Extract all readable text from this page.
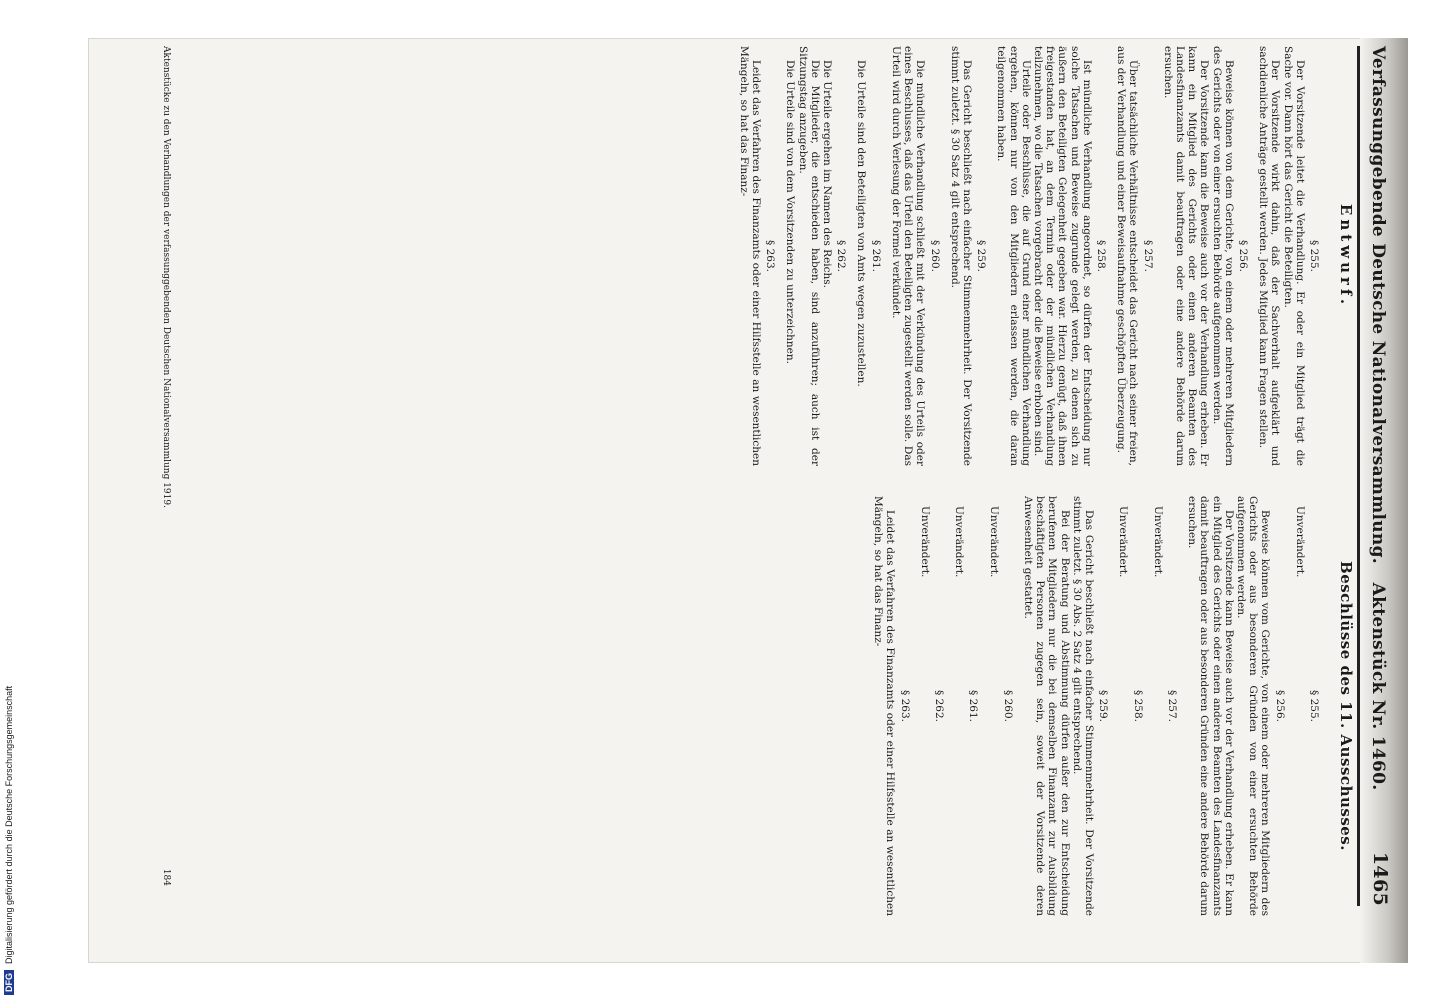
Verfassunggebende Deutsche Nationalversammlung.   Aktenstück Nr. 1460.
1465
Entwurf.
§ 255.

Der Vorsitzende leitet die Verhandlung. Er oder ein Mitglied trägt die Sache vor. Dann hört das Gericht die Beteiligten.

Der Vorsitzende wirkt dahin, daß der Sachverhalt aufgeklärt und sachdienliche Anträge gestellt werden. Jedes Mitglied kann Fragen stellen.

§ 256.

Beweise können von dem Gerichte, von einem oder mehreren Mitgliedern des Gerichts oder von einer ersuchten Behörde aufgenommen werden.

Der Vorsitzende kann die Beweise auch vor der Verhandlung erheben. Er kann ein Mitglied des Gerichts oder einen anderen Beamten des Landesfinanzamts damit beauftragen oder eine andere Behörde darum ersuchen.

§ 257.

Über tatsächliche Verhältnisse entscheidet das Gericht nach seiner freien, aus der Verhandlung und einer Beweisaufnahme geschöpften Überzeugung.

§ 258.

Ist mündliche Verhandlung angeordnet, so dürfen der Entscheidung nur solche Tatsachen und Beweise zugrunde gelegt werden, zu denen sich zu äußern den Beteiligten Gelegenheit gegeben war. Hierzu genügt, daß ihnen freigestanden hat, an dem Termin oder der mündlichen Verhandlung teilzunehmen, wo die Tatsachen vorgebracht oder die Beweise erhoben sind.

Urteile oder Beschlüsse, die auf Grund einer mündlichen Verhandlung ergehen, können nur von den Mitgliedern erlassen werden, die daran teilgenommen haben.

§ 259.

Das Gericht beschließt nach einfacher Stimmenmehrheit. Der Vorsitzende stimmt zuletzt. § 30 Satz 4 gilt entsprechend.

§ 260.

Die mündliche Verhandlung schließt mit der Verkündung des Urteils oder eines Beschlusses, daß das Urteil den Beteiligten zugestellt werden solle. Das Urteil wird durch Verlesung der Formel verkündet.

§ 261.

Die Urteile sind den Beteiligten von Amts wegen zuzustellen.

§ 262.

Die Urteile ergehen im Namen des Reichs.

Die Mitglieder, die entschieden haben, sind anzuführen; auch ist der Sitzungstag anzugeben.

Die Urteile sind von dem Vorsitzenden zu unterzeichnen.

§ 263.

Leidet das Verfahren des Finanzamts oder einer Hilfsstelle an wesentlichen Mängeln, so hat das Finanz-

Beschlüsse des 11. Ausschusses.
§ 255.
Unverändert.
§ 256.

Beweise können vom Gerichte, von einem oder mehreren Mitgliedern des Gerichts oder aus besonderen Gründen von einer ersuchten Behörde aufgenommen werden.

Der Vorsitzende kann Beweise auch vor der Verhandlung erheben. Er kann ein Mitglied des Gerichts oder einen anderen Beamten des Landesfinanzamts damit beauftragen oder aus besonderen Gründen eine andere Behörde darum ersuchen.

§ 257.
Unverändert.
§ 258.
Unverändert.
§ 259.

Das Gericht beschließt nach einfacher Stimmenmehrheit. Der Vorsitzende stimmt zuletzt. § 30 Abs. 2 Satz 4 gilt entsprechend.

Bei der Beratung und Abstimmung dürfen außer den zur Entscheidung berufenen Mitgliedern nur die bei demselben Finanzamt zur Ausbildung beschäftigten Personen zugegen sein, soweit der Vorsitzende deren Anwesenheit gestattet.

§ 260.
Unverändert.
§ 261.
Unverändert.
§ 262.
Unverändert.
§ 263.

Leidet das Verfahren des Finanzamts oder einer Hilfsstelle an wesentlichen Mängeln, so hat das Finanz-

Aktenstücke zu den Verhandlungen der verfassunggebenden Deutschen Nationalversammlung 1919.
184
DFGDigitalisierung gefördert durch die Deutsche Forschungsgemeinschaft
